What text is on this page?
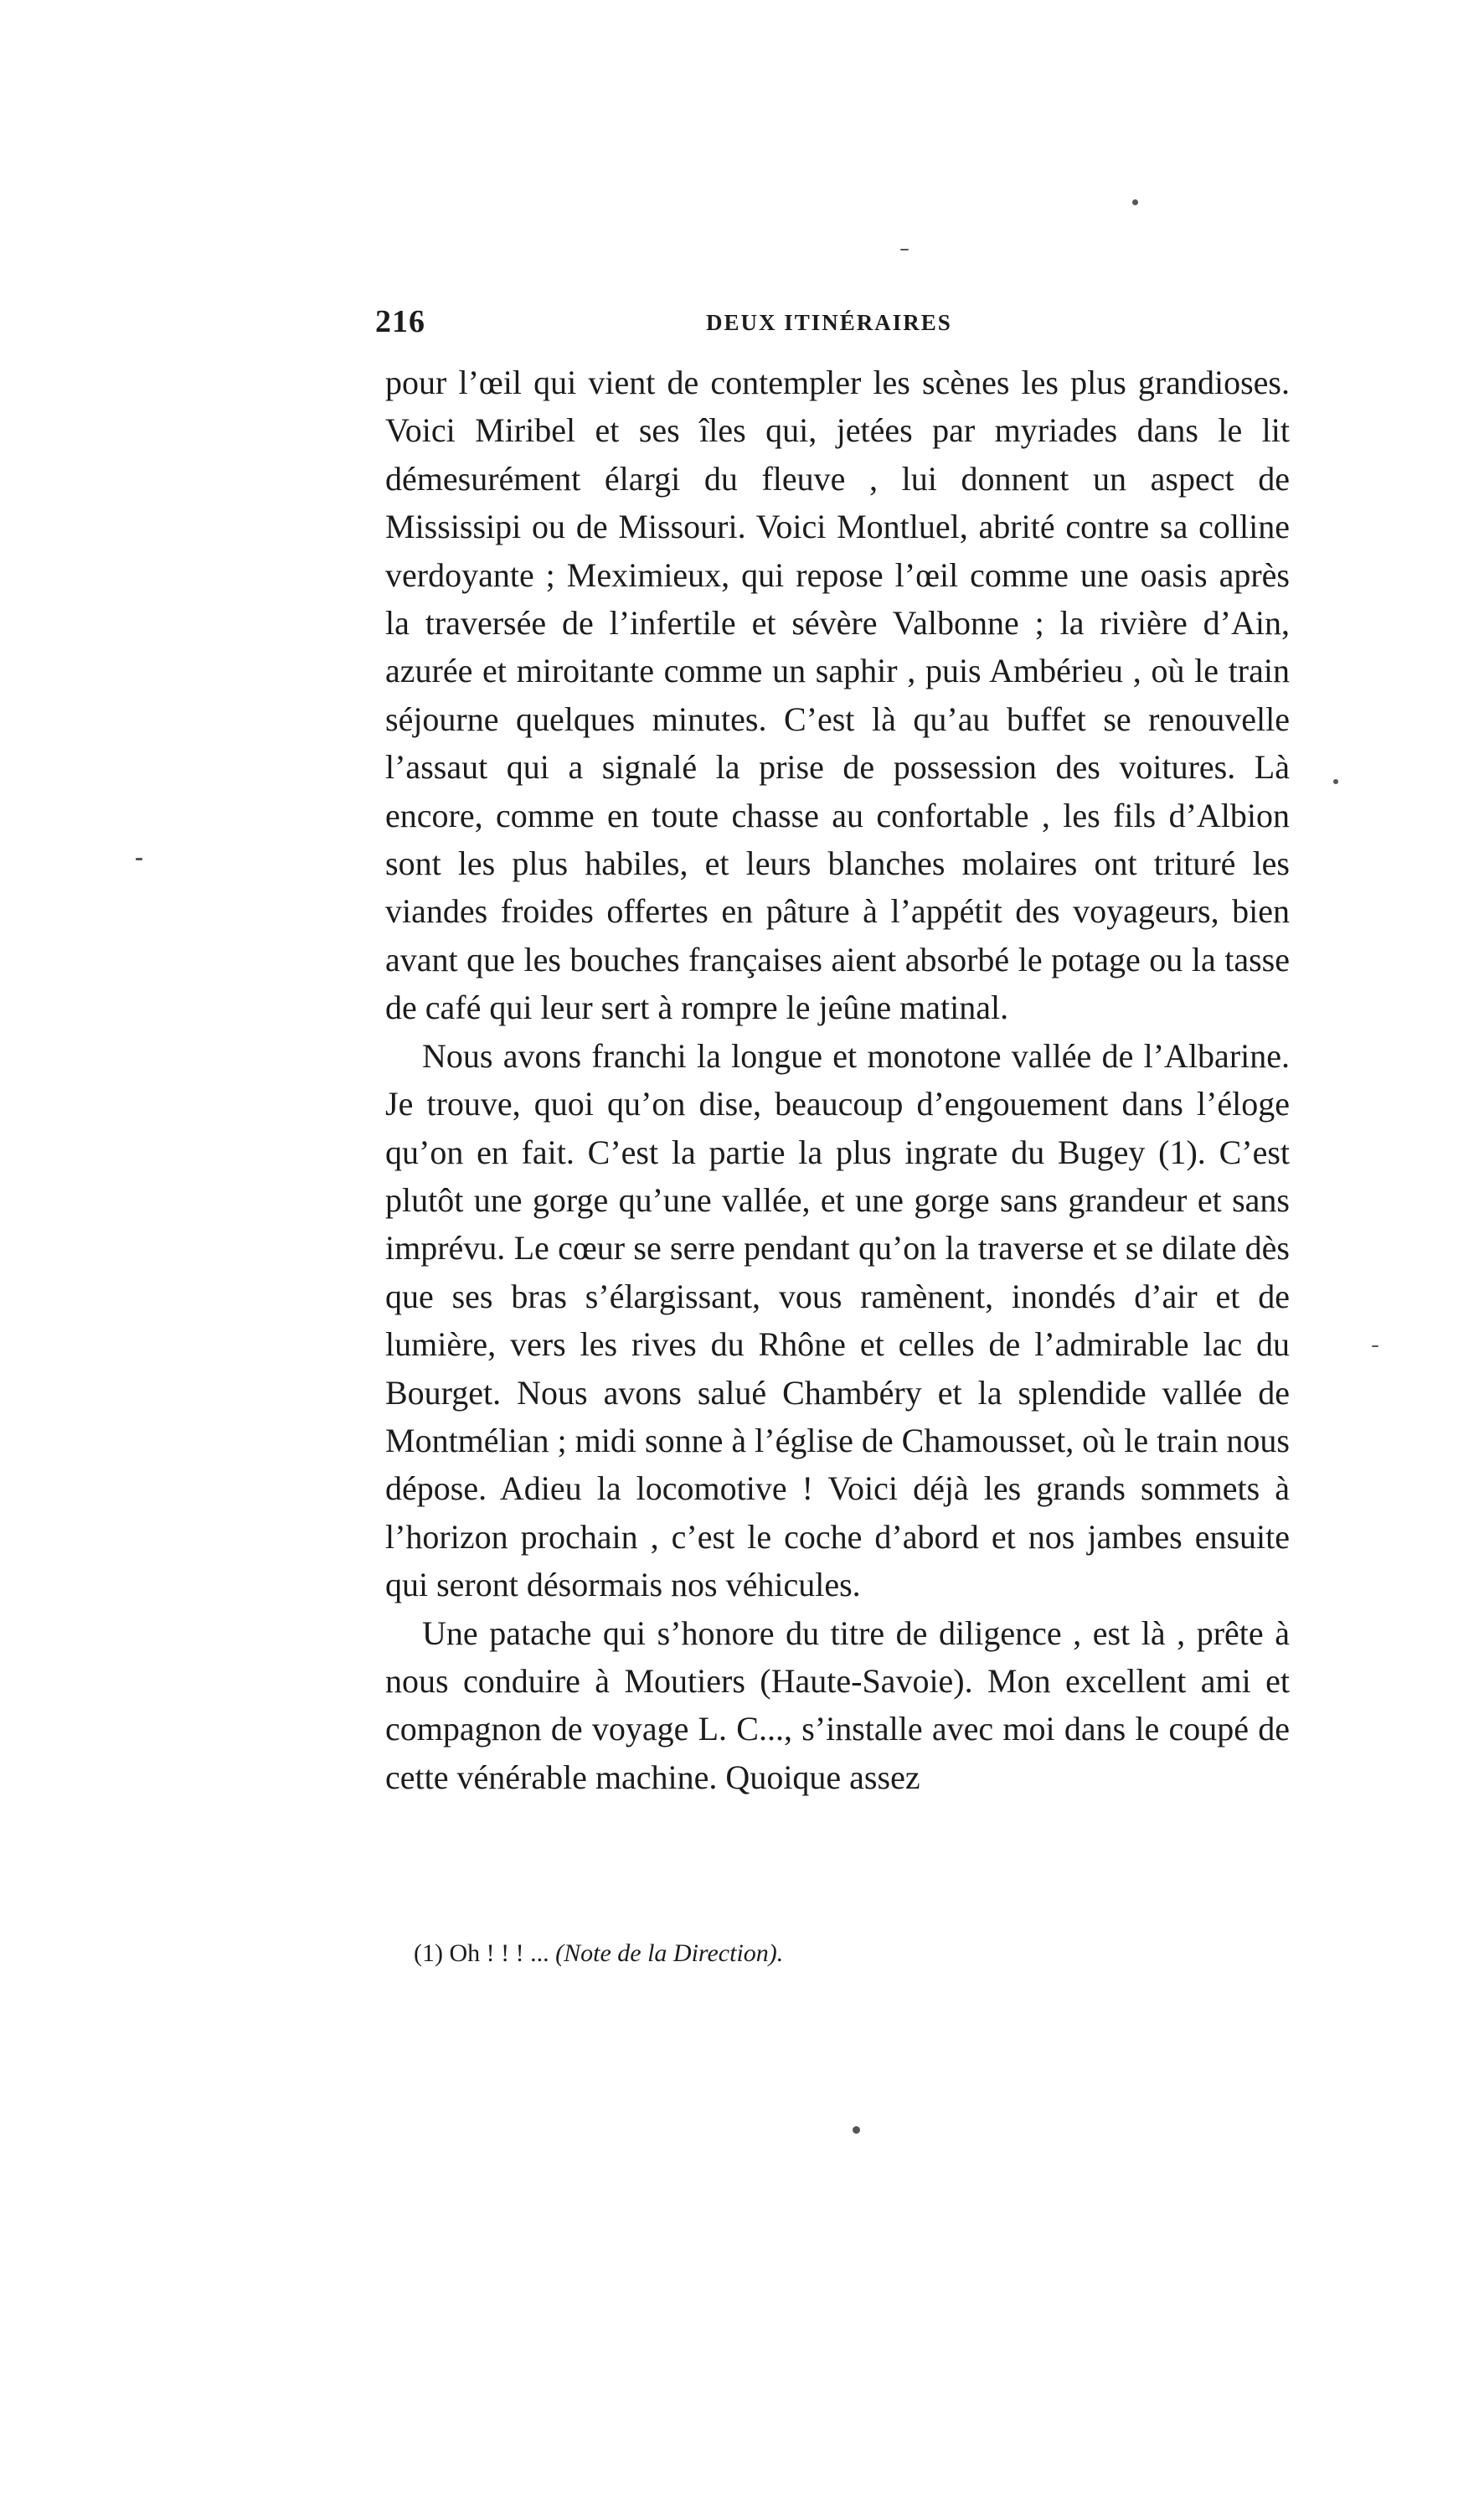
216	DEUX ITINÉRAIRES

pour l’œil qui vient de contempler les scènes les plus grandioses. Voici Miribel et ses îles qui, jetées par myriades dans le lit démesurément élargi du fleuve , lui donnent un aspect de Mississipi ou de Missouri. Voici Montluel, abrité contre sa colline verdoyante ; Meximieux, qui repose l’œil comme une oasis après la traversée de l’infertile et sévère Valbonne ; la rivière d’Ain, azurée et miroitante comme un saphir , puis Ambérieu , où le train séjourne quelques minutes. C’est là qu’au buffet se renouvelle l’assaut qui a signalé la prise de possession des voitures. Là encore, comme en toute chasse au confortable , les fils d’Albion sont les plus habiles, et leurs blanches molaires ont trituré les viandes froides offertes en pâture à l’appétit des voyageurs, bien avant que les bouches françaises aient absorbé le potage ou la tasse de café qui leur sert à rompre le jeûne matinal.

Nous avons franchi la longue et monotone vallée de l’Albarine. Je trouve, quoi qu’on dise, beaucoup d’engouement dans l’éloge qu’on en fait. C’est la partie la plus ingrate du Bugey (1). C’est plutôt une gorge qu’une vallée, et une gorge sans grandeur et sans imprévu. Le cœur se serre pendant qu’on la traverse et se dilate dès que ses bras s’élargissant, vous ramènent, inondés d’air et de lumière, vers les rives du Rhône et celles de l’admirable lac du Bourget. Nous avons salué Chambéry et la splendide vallée de Montmélian ; midi sonne à l’église de Chamousset, où le train nous dépose. Adieu la locomotive ! Voici déjà les grands sommets à l’horizon prochain , c’est le coche d’abord et nos jambes ensuite qui seront désormais nos véhicules.

Une patache qui s’honore du titre de diligence , est là , prête à nous conduire à Moutiers (Haute-Savoie). Mon excellent ami et compagnon de voyage L. C..., s’installe avec moi dans le coupé de cette vénérable machine. Quoique assez

(1) Oh ! ! ! ... (Note de la Direction).
